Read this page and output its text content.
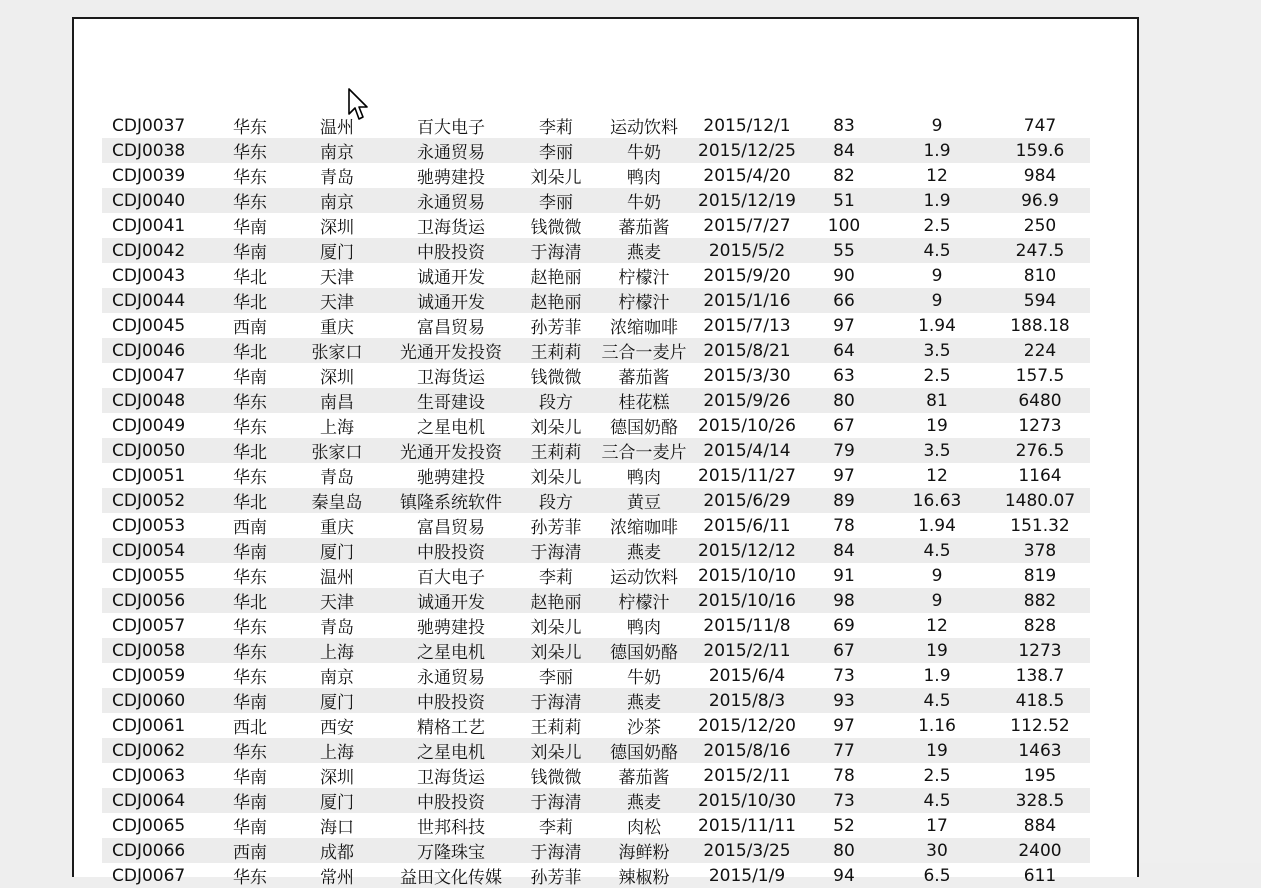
CDJ0037	华东	温州	百大电子	李莉	运动饮料	2015/12/1	83	9	747
CDJ0038	华东	南京	永通贸易	李丽	牛奶	2015/12/25	84	1.9	159.6
CDJ0039	华东	青岛	驰骋建投	刘朵儿	鸭肉	2015/4/20	82	12	984
CDJ0040	华东	南京	永通贸易	李丽	牛奶	2015/12/19	51	1.9	96.9
CDJ0041	华南	深圳	卫海货运	钱微微	蕃茄酱	2015/7/27	100	2.5	250
CDJ0042	华南	厦门	中股投资	于海清	燕麦	2015/5/2	55	4.5	247.5
CDJ0043	华北	天津	诚通开发	赵艳丽	柠檬汁	2015/9/20	90	9	810
CDJ0044	华北	天津	诚通开发	赵艳丽	柠檬汁	2015/1/16	66	9	594
CDJ0045	西南	重庆	富昌贸易	孙芳菲	浓缩咖啡	2015/7/13	97	1.94	188.18
CDJ0046	华北	张家口	光通开发投资	王莉莉	三合一麦片	2015/8/21	64	3.5	224
CDJ0047	华南	深圳	卫海货运	钱微微	蕃茄酱	2015/3/30	63	2.5	157.5
CDJ0048	华东	南昌	生哥建设	段方	桂花糕	2015/9/26	80	81	6480
CDJ0049	华东	上海	之星电机	刘朵儿	德国奶酪	2015/10/26	67	19	1273
CDJ0050	华北	张家口	光通开发投资	王莉莉	三合一麦片	2015/4/14	79	3.5	276.5
CDJ0051	华东	青岛	驰骋建投	刘朵儿	鸭肉	2015/11/27	97	12	1164
CDJ0052	华北	秦皇岛	镇隆系统软件	段方	黄豆	2015/6/29	89	16.63	1480.07
CDJ0053	西南	重庆	富昌贸易	孙芳菲	浓缩咖啡	2015/6/11	78	1.94	151.32
CDJ0054	华南	厦门	中股投资	于海清	燕麦	2015/12/12	84	4.5	378
CDJ0055	华东	温州	百大电子	李莉	运动饮料	2015/10/10	91	9	819
CDJ0056	华北	天津	诚通开发	赵艳丽	柠檬汁	2015/10/16	98	9	882
CDJ0057	华东	青岛	驰骋建投	刘朵儿	鸭肉	2015/11/8	69	12	828
CDJ0058	华东	上海	之星电机	刘朵儿	德国奶酪	2015/2/11	67	19	1273
CDJ0059	华东	南京	永通贸易	李丽	牛奶	2015/6/4	73	1.9	138.7
CDJ0060	华南	厦门	中股投资	于海清	燕麦	2015/8/3	93	4.5	418.5
CDJ0061	西北	西安	精格工艺	王莉莉	沙茶	2015/12/20	97	1.16	112.52
CDJ0062	华东	上海	之星电机	刘朵儿	德国奶酪	2015/8/16	77	19	1463
CDJ0063	华南	深圳	卫海货运	钱微微	蕃茄酱	2015/2/11	78	2.5	195
CDJ0064	华南	厦门	中股投资	于海清	燕麦	2015/10/30	73	4.5	328.5
CDJ0065	华南	海口	世邦科技	李莉	肉松	2015/11/11	52	17	884
CDJ0066	西南	成都	万隆珠宝	于海清	海鲜粉	2015/3/25	80	30	2400
CDJ0067	华东	常州	益田文化传媒	孙芳菲	辣椒粉	2015/1/9	94	6.5	611
